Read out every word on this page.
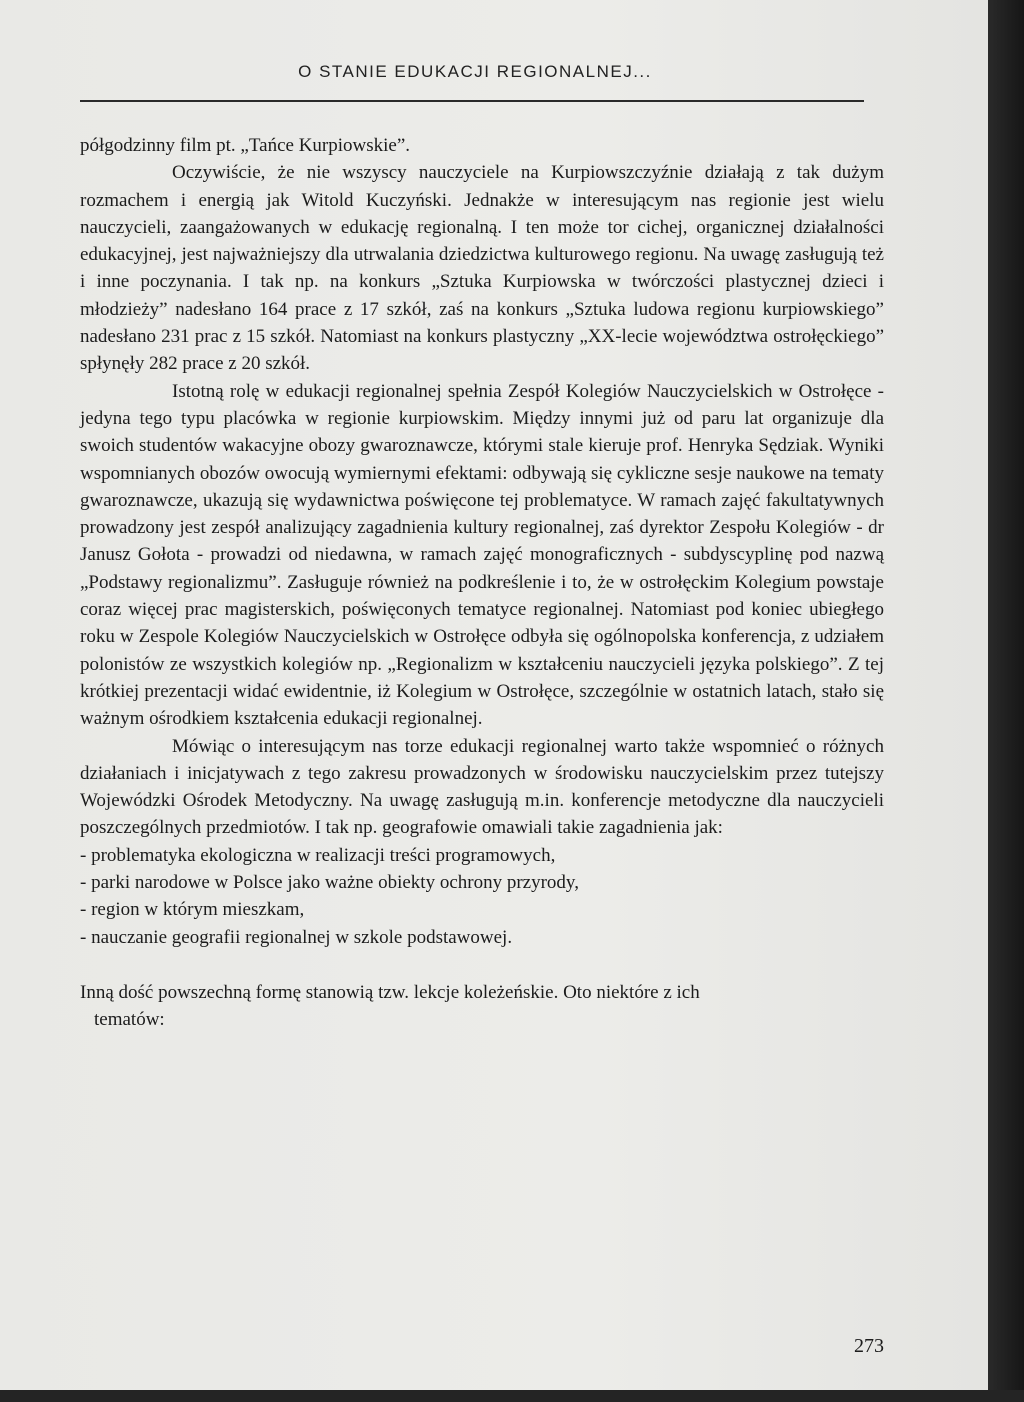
O STANIE EDUKACJI REGIONALNEJ...

półgodzinny film pt. „Tańce Kurpiowskie”.

Oczywiście, że nie wszyscy nauczyciele na Kurpiowszczyźnie działają z tak dużym rozmachem i energią jak Witold Kuczyński. Jednakże w interesującym nas regionie jest wielu nauczycieli, zaangażowanych w edukację regionalną. I ten może tor cichej, organicznej działalności edukacyjnej, jest najważniejszy dla utrwalania dziedzictwa kulturowego regionu. Na uwagę zasługują też i inne poczynania. I tak np. na konkurs „Sztuka Kurpiowska w twórczości plastycznej dzieci i młodzieży” nadesłano 164 prace z 17 szkół, zaś na konkurs „Sztuka ludowa regionu kurpiowskiego” nadesłano 231 prac z 15 szkół. Natomiast na konkurs plastyczny „XX-lecie województwa ostrołęckiego” spłynęły 282 prace z 20 szkół.

Istotną rolę w edukacji regionalnej spełnia Zespół Kolegiów Nauczycielskich w Ostrołęce - jedyna tego typu placówka w regionie kurpiowskim. Między innymi już od paru lat organizuje dla swoich studentów wakacyjne obozy gwaroznawcze, którymi stale kieruje prof. Henryka Sędziak. Wyniki wspomnianych obozów owocują wymiernymi efektami: odbywają się cykliczne sesje naukowe na tematy gwaroznawcze, ukazują się wydawnictwa poświęcone tej problematyce. W ramach zajęć fakultatywnych prowadzony jest zespół analizujący zagadnienia kultury regionalnej, zaś dyrektor Zespołu Kolegiów - dr Janusz Gołota - prowadzi od niedawna, w ramach zajęć monograficznych - subdyscyplinę pod nazwą „Podstawy regionalizmu”. Zasługuje również na podkreślenie i to, że w ostrołęckim Kolegium powstaje coraz więcej prac magisterskich, poświęconych tematyce regionalnej. Natomiast pod koniec ubiegłego roku w Zespole Kolegiów Nauczycielskich w Ostrołęce odbyła się ogólnopolska konferencja, z udziałem polonistów ze wszystkich kolegiów np. „Regionalizm w kształceniu nauczycieli języka polskiego”. Z tej krótkiej prezentacji widać ewidentnie, iż Kolegium w Ostrołęce, szczególnie w ostatnich latach, stało się ważnym ośrodkiem kształcenia edukacji regionalnej.

Mówiąc o interesującym nas torze edukacji regionalnej warto także wspomnieć o różnych działaniach i inicjatywach z tego zakresu prowadzonych w środowisku nauczycielskim przez tutejszy Wojewódzki Ośrodek Metodyczny. Na uwagę zasługują m.in. konferencje metodyczne dla nauczycieli poszczególnych przedmiotów. I tak np. geografowie omawiali takie zagadnienia jak:

- problematyka ekologiczna w realizacji treści programowych,
- parki narodowe w Polsce jako ważne obiekty ochrony przyrody,
- region w którym mieszkam,
- nauczanie geografii regionalnej w szkole podstawowej.

Inną dość powszechną formę stanowią tzw. lekcje koleżeńskie. Oto niektóre z ich
tematów:

273
